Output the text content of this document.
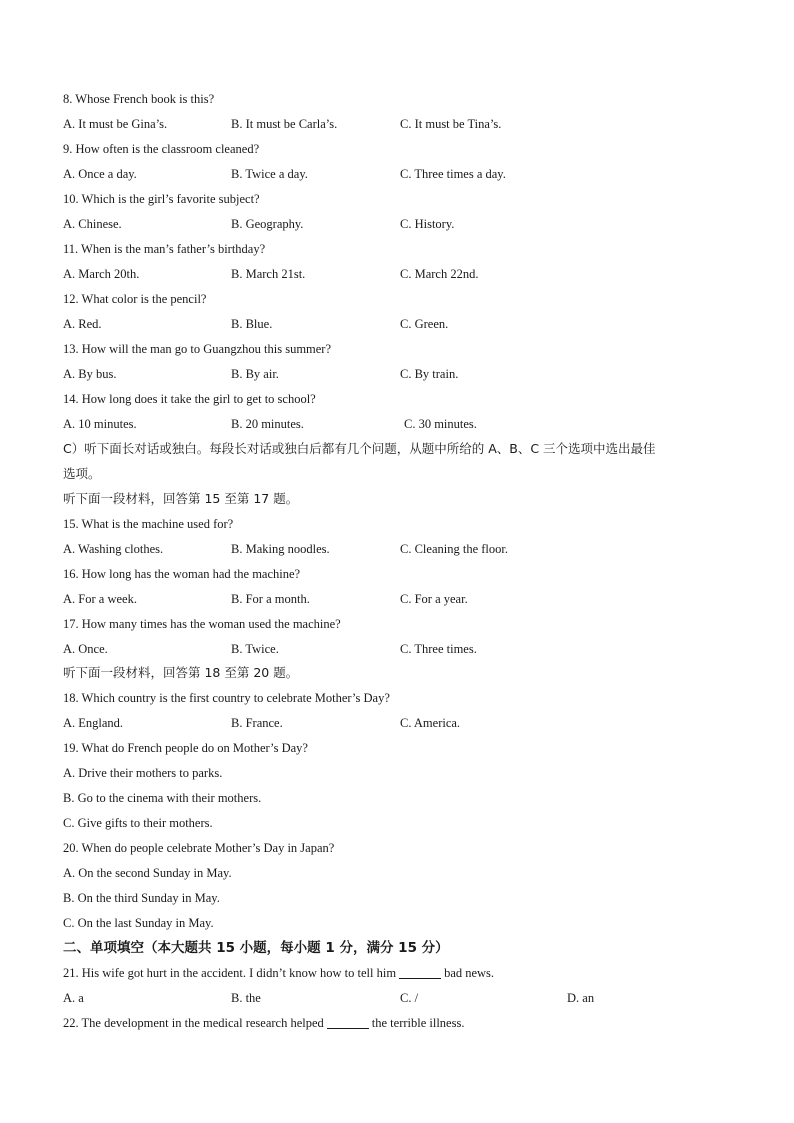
8. Whose French book is this?
A. It must be Gina’s.	B. It must be Carla’s.	C. It must be Tina’s.
9. How often is the classroom cleaned?
A. Once a day.	B. Twice a day.	C. Three times a day.
10. Which is the girl’s favorite subject?
A. Chinese.	B. Geography.	C. History.
11. When is the man’s father’s birthday?
A. March 20th.	B. March 21st.	C. March 22nd.
12. What color is the pencil?
A. Red.	B. Blue.	C. Green.
13. How will the man go to Guangzhou this summer?
A. By bus.	B. By air.	C. By train.
14. How long does it take the girl to get to school?
A. 10 minutes.	B. 20 minutes.	C. 30 minutes.
C）听下面长对话或独白。每段长对话或独白后都有几个问题，从题中所给的 A、B、C 三个选项中选出最佳
选项。
听下面一段材料，回答第 15 至第 17 题。
15. What is the machine used for?
A. Washing clothes.	B. Making noodles.	C. Cleaning the floor.
16. How long has the woman had the machine?
A. For a week.	B. For a month.	C. For a year.
17. How many times has the woman used the machine?
A. Once.	B. Twice.	C. Three times.
听下面一段材料，回答第 18 至第 20 题。
18. Which country is the first country to celebrate Mother’s Day?
A. England.	B. France.	C. America.
19. What do French people do on Mother’s Day?
A. Drive their mothers to parks.
B. Go to the cinema with their mothers.
C. Give gifts to their mothers.
20. When do people celebrate Mother’s Day in Japan?
A. On the second Sunday in May.
B. On the third Sunday in May.
C. On the last Sunday in May.
二、单项填空（本大题共 15 小题，每小题 1 分，满分 15 分）
21. His wife got hurt in the accident. I didn’t know how to tell him	bad news.
A. a	B. the	C. /	D. an
22. The development in the medical research helped	the terrible illness.
